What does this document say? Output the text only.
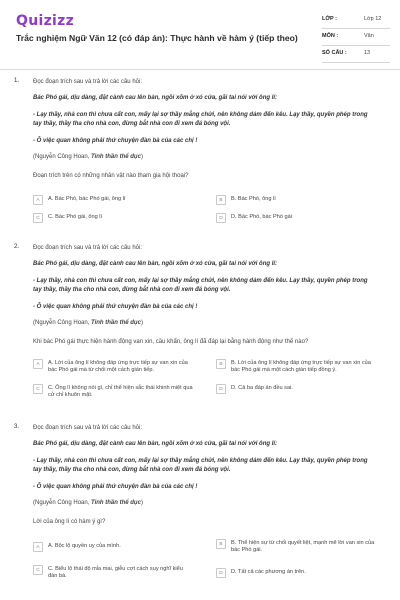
Quizizz
Trắc nghiệm Ngữ Văn 12 (có đáp án): Thực hành về hàm ý (tiếp theo)
LỚP :	Lớp 12
MÔN :	Văn
SỐ CÂU :	13
1. Đọc đoạn trích sau và trả lời các câu hỏi:

Bác Phó gái, dịu dàng, đặt cành cau lên bàn, ngồi xõm ở xó cửa, gãi tai nói với ông lí:

- Lạy thầy, nhà con thì chưa cất con, mấy lại sợ thầy mắng chửi, nên không dám đến kêu. Lạy thầy, quyền phép trong tay thầy, thầy tha cho nhà con, đừng bắt nhà con đi xem đá bóng vội.

- Ô việc quan không phải thứ chuyện đàn bà của các chị !

(Nguyễn Công Hoan, Tinh thần thể dục)
Đoạn trích trên có những nhân vật nào tham gia hội thoại?
A	A. Bác Phó, bác Phó gái, ông lí	B	B. Bác Phó, ông lí
C	C. Bác Phó gái, ông lí	D	D. Bác Phó, bác Phó gái
2. Đọc đoạn trích sau và trả lời các câu hỏi:

Bác Phó gái, dịu dàng, đặt cành cau lên bàn, ngồi xõm ở xó cửa, gãi tai nói với ông lí:

- Lạy thầy, nhà con thì chưa cất con, mấy lại sợ thầy mắng chửi, nên không dám đến kêu. Lạy thầy, quyền phép trong tay thầy, thầy tha cho nhà con, đừng bắt nhà con đi xem đá bóng vội.

- Ô việc quan không phải thứ chuyện đàn bà của các chị !

(Nguyễn Công Hoan, Tinh thần thể dục)
Khi bác Phó gái thực hiện hành động van xin, cầu khẩn, ông lí đã đáp lại bằng hành động như thế nào?
A	A. Lời của ông lí không đáp ứng trực tiếp sự van xin của bác Phó gái mà từ chối một cách gián tiếp.
B	B. Lời của ông lí không đáp ứng trực tiếp sự van xin của bác Phó gái mà một cách gián tiếp đồng ý.
C	C. Ông lí không nói gì, chỉ thể hiện sắc thái khinh miệt qua cử chỉ khuôn mặt.
D	D. Cả ba đáp án đều sai.
3. Đọc đoạn trích sau và trả lời các câu hỏi:

Bác Phó gái, dịu dàng, đặt cành cau lên bàn, ngồi xõm ở xó cửa, gãi tai nói với ông lí:

- Lạy thầy, nhà con thì chưa cất con, mấy lại sợ thầy mắng chửi, nên không dám đến kêu. Lạy thầy, quyền phép trong tay thầy, thầy tha cho nhà con, đừng bắt nhà con đi xem đá bóng vội.

- Ô việc quan không phải thứ chuyện đàn bà của các chị !

(Nguyễn Công Hoan, Tinh thần thể dục)
Lời của ông lí có hàm ý gì?
A	A. Bộc lộ quyền uy của mình.	B	B. Thể hiện sự từ chối quyết liệt, mạnh mẽ lời van xin của bác Phó gái.
C	C. Biểu lộ thái độ mỉa mai, giễu cợt cách suy nghĩ kiểu đàn bà.	D	D. Tất cả các phương án trên.
